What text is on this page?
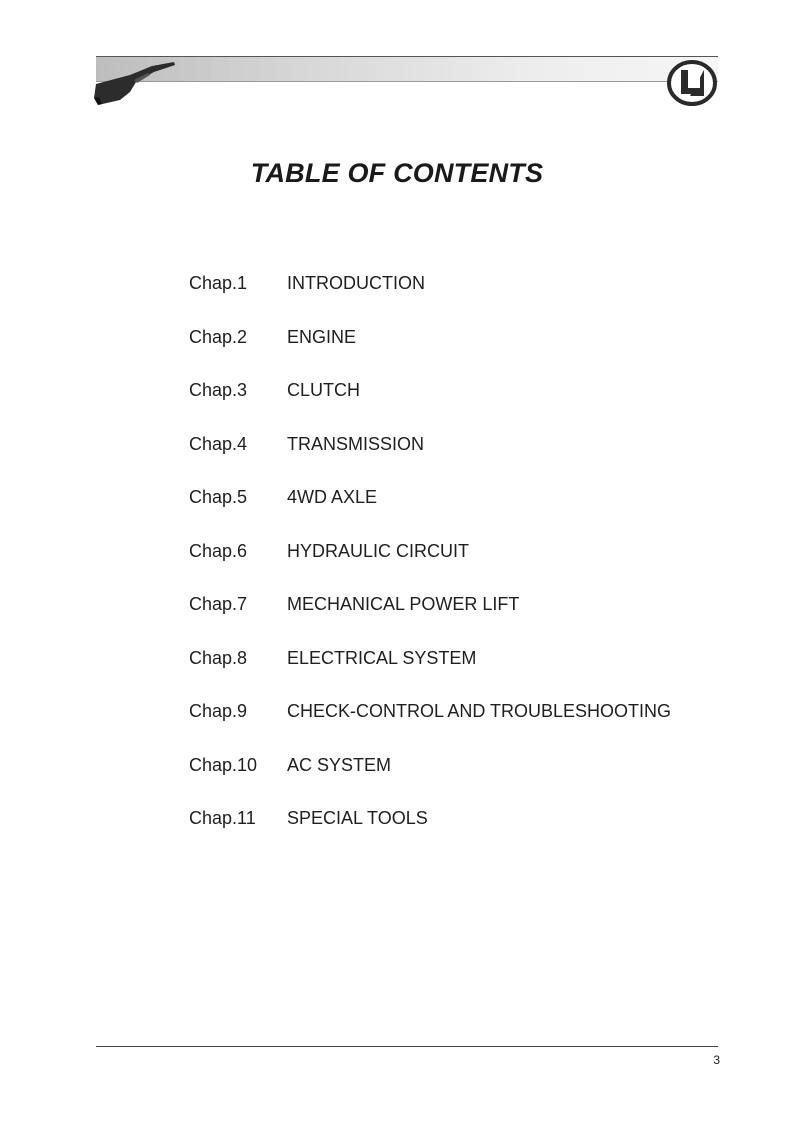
TABLE OF CONTENTS
Chap.1	INTRODUCTION
Chap.2	ENGINE
Chap.3	CLUTCH
Chap.4	TRANSMISSION
Chap.5	4WD AXLE
Chap.6	HYDRAULIC CIRCUIT
Chap.7	MECHANICAL POWER LIFT
Chap.8	ELECTRICAL SYSTEM
Chap.9	CHECK-CONTROL AND TROUBLESHOOTING
Chap.10	AC SYSTEM
Chap.11	SPECIAL TOOLS
3
